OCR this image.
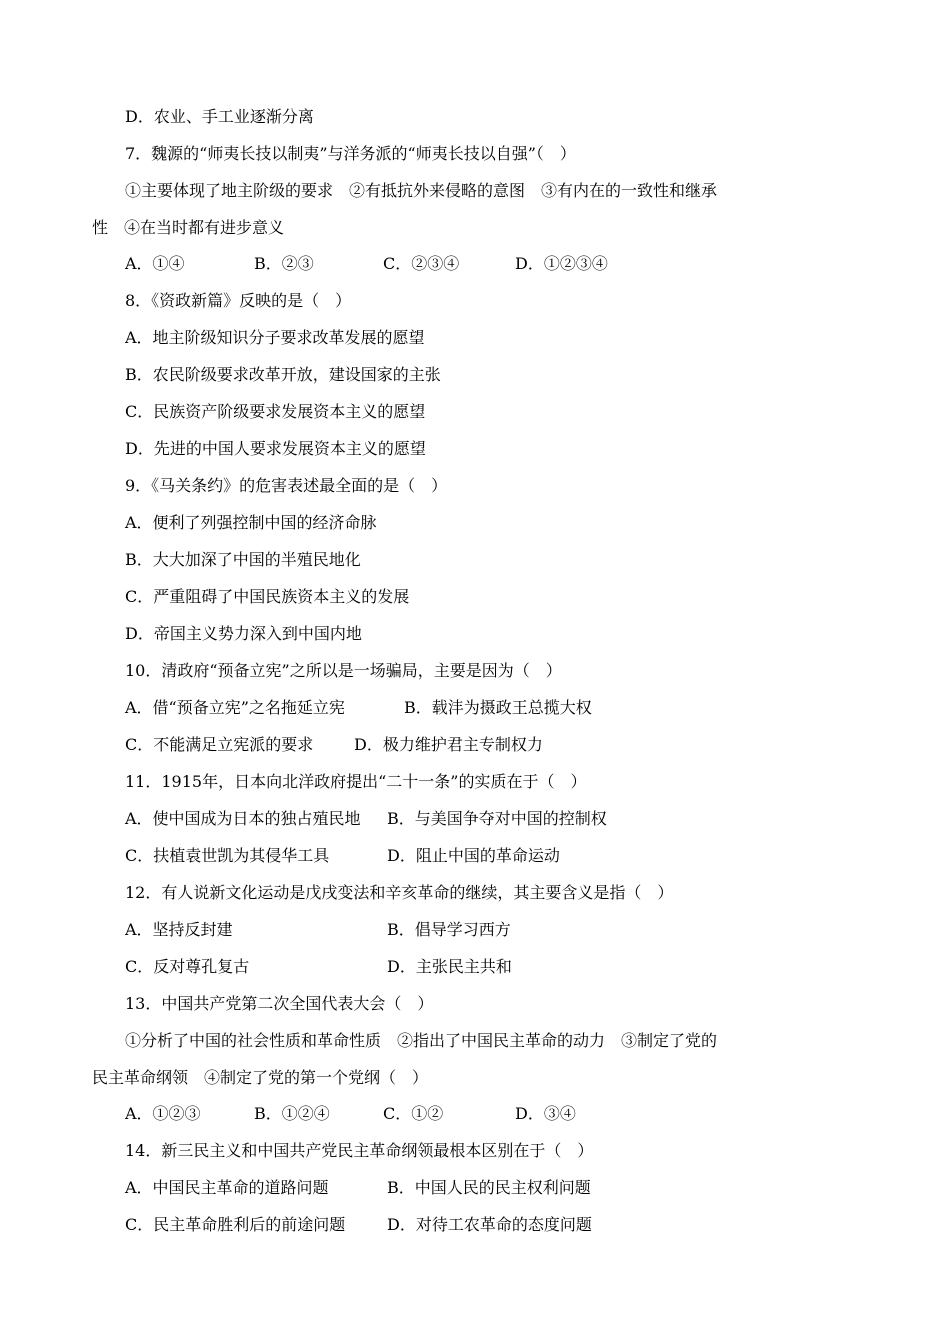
D．农业、手工业逐渐分离
7．魏源的“师夷长技以制夷”与洋务派的“师夷长技以自强”（　）
①主要体现了地主阶级的要求　②有抵抗外来侵略的意图　③有内在的一致性和继承
性　④在当时都有进步意义
A．①④	B．②③	C．②③④	D．①②③④
8．《资政新篇》反映的是（　）
A．地主阶级知识分子要求改革发展的愿望
B．农民阶级要求改革开放，建设国家的主张
C．民族资产阶级要求发展资本主义的愿望
D．先进的中国人要求发展资本主义的愿望
9．《马关条约》的危害表述最全面的是（　）
A．便利了列强控制中国的经济命脉
B．大大加深了中国的半殖民地化
C．严重阻碍了中国民族资本主义的发展
D．帝国主义势力深入到中国内地
10．清政府“预备立宪”之所以是一场骗局，主要是因为（　）
A．借“预备立宪”之名拖延立宪	B．载沣为摄政王总揽大权
C．不能满足立宪派的要求	D．极力维护君主专制权力
11．1915年，日本向北洋政府提出“二十一条”的实质在于（　）
A．使中国成为日本的独占殖民地 B．与美国争夺对中国的控制权
C．扶植袁世凯为其侵华工具	D．阻止中国的革命运动
12．有人说新文化运动是戊戌变法和辛亥革命的继续，其主要含义是指（　）
A．坚持反封建	B．倡导学习西方
C．反对尊孔复古	D．主张民主共和
13．中国共产党第二次全国代表大会（　）
①分析了中国的社会性质和革命性质　②指出了中国民主革命的动力　③制定了党的
民主革命纲领　④制定了党的第一个党纲（　）
A．①②③	B．①②④	C．①②	D．③④
14．新三民主义和中国共产党民主革命纲领最根本区别在于（　）
A．中国民主革命的道路问题	B．中国人民的民主权利问题
C．民主革命胜利后的前途问题	D．对待工农革命的态度问题
